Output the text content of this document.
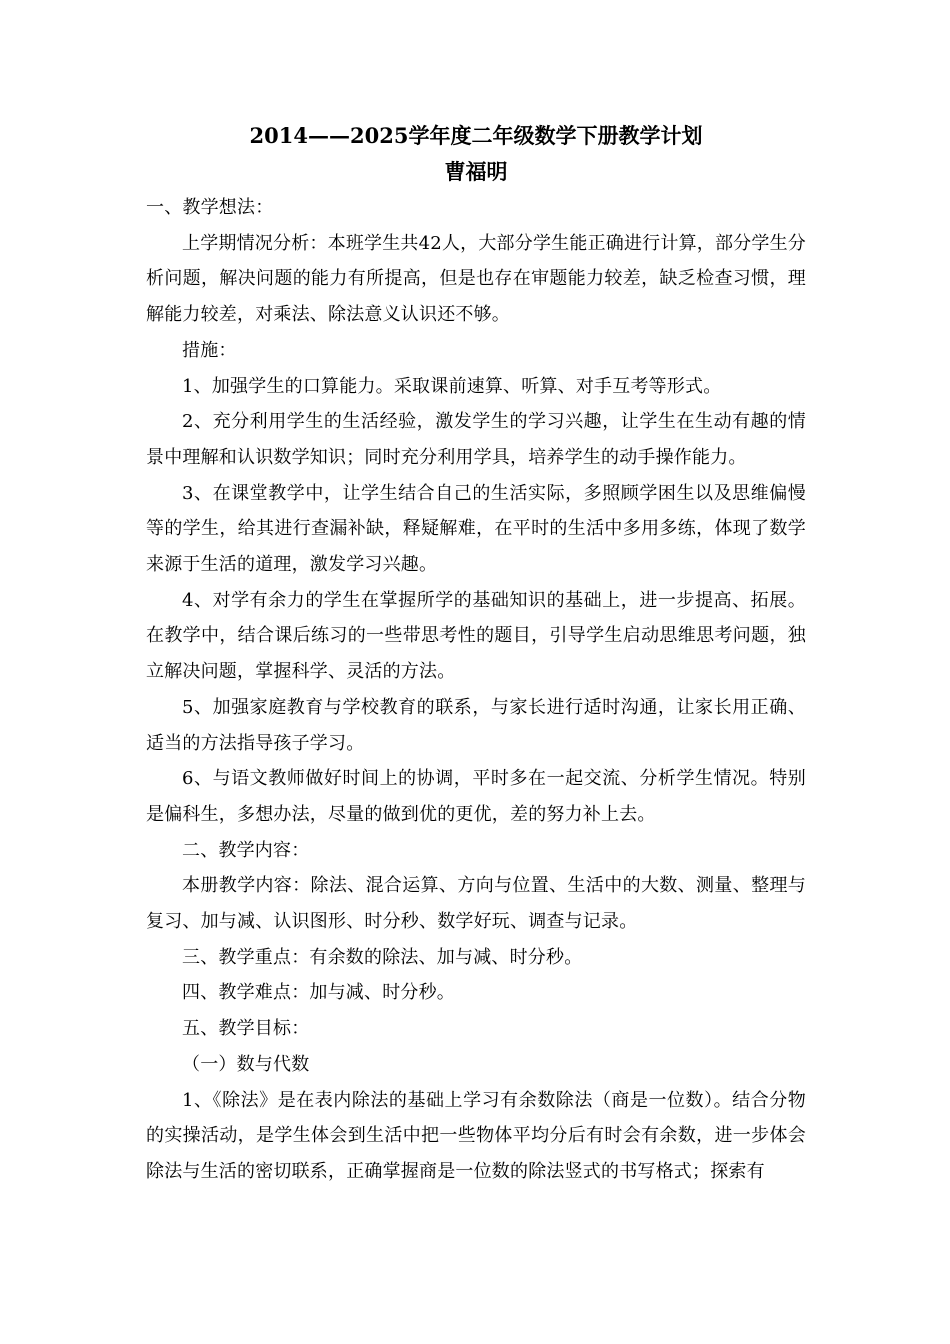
2014——2025学年度二年级数学下册教学计划
曹福明

一、教学想法：

上学期情况分析：本班学生共42人，大部分学生能正确进行计算，部分学生分析问题，解决问题的能力有所提高，但是也存在审题能力较差，缺乏检查习惯，理解能力较差，对乘法、除法意义认识还不够。

措施：

1、加强学生的口算能力。采取课前速算、听算、对手互考等形式。

2、充分利用学生的生活经验，激发学生的学习兴趣，让学生在生动有趣的情景中理解和认识数学知识；同时充分利用学具，培养学生的动手操作能力。

3、在课堂教学中，让学生结合自己的生活实际，多照顾学困生以及思维偏慢等的学生，给其进行查漏补缺，释疑解难，在平时的生活中多用多练，体现了数学来源于生活的道理，激发学习兴趣。

4、对学有余力的学生在掌握所学的基础知识的基础上，进一步提高、拓展。在教学中，结合课后练习的一些带思考性的题目，引导学生启动思维思考问题，独立解决问题，掌握科学、灵活的方法。

5、加强家庭教育与学校教育的联系，与家长进行适时沟通，让家长用正确、适当的方法指导孩子学习。

6、与语文教师做好时间上的协调，平时多在一起交流、分析学生情况。特别是偏科生，多想办法，尽量的做到优的更优，差的努力补上去。

二、教学内容：

本册教学内容：除法、混合运算、方向与位置、生活中的大数、测量、整理与复习、加与减、认识图形、时分秒、数学好玩、调查与记录。

三、教学重点：有余数的除法、加与减、时分秒。

四、教学难点：加与减、时分秒。

五、教学目标：

（一）数与代数

1、《除法》是在表内除法的基础上学习有余数除法（商是一位数）。结合分物的实操活动，是学生体会到生活中把一些物体平均分后有时会有余数，进一步体会除法与生活的密切联系，正确掌握商是一位数的除法竖式的书写格式；探索有
